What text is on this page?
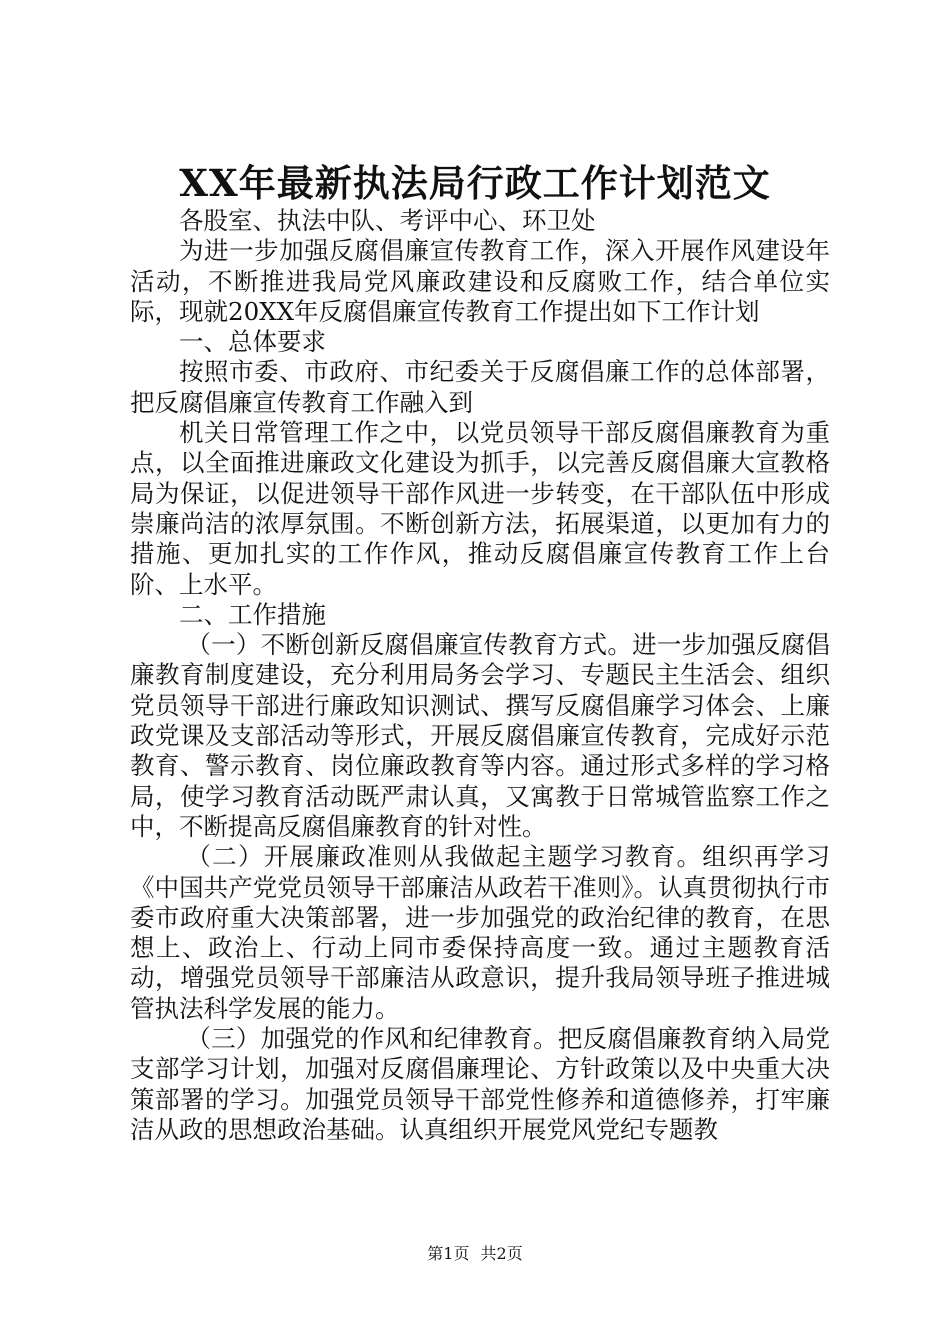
XX年最新执法局行政工作计划范文

各股室、执法中队、考评中心、环卫处

为进一步加强反腐倡廉宣传教育工作，深入开展作风建设年活动，不断推进我局党风廉政建设和反腐败工作，结合单位实际，现就20XX年反腐倡廉宣传教育工作提出如下工作计划

一、总体要求

按照市委、市政府、市纪委关于反腐倡廉工作的总体部署，把反腐倡廉宣传教育工作融入到

机关日常管理工作之中，以党员领导干部反腐倡廉教育为重点，以全面推进廉政文化建设为抓手，以完善反腐倡廉大宣教格局为保证，以促进领导干部作风进一步转变，在干部队伍中形成崇廉尚洁的浓厚氛围。不断创新方法，拓展渠道，以更加有力的措施、更加扎实的工作作风，推动反腐倡廉宣传教育工作上台阶、上水平。

二、工作措施

（一）不断创新反腐倡廉宣传教育方式。进一步加强反腐倡廉教育制度建设，充分利用局务会学习、专题民主生活会、组织党员领导干部进行廉政知识测试、撰写反腐倡廉学习体会、上廉政党课及支部活动等形式，开展反腐倡廉宣传教育，完成好示范教育、警示教育、岗位廉政教育等内容。通过形式多样的学习格局，使学习教育活动既严肃认真，又寓教于日常城管监察工作之中，不断提高反腐倡廉教育的针对性。

（二）开展廉政准则从我做起主题学习教育。组织再学习《中国共产党党员领导干部廉洁从政若干准则》。认真贯彻执行市委市政府重大决策部署，进一步加强党的政治纪律的教育，在思想上、政治上、行动上同市委保持高度一致。通过主题教育活动，增强党员领导干部廉洁从政意识，提升我局领导班子推进城管执法科学发展的能力。

（三）加强党的作风和纪律教育。把反腐倡廉教育纳入局党支部学习计划，加强对反腐倡廉理论、方针政策以及中央重大决策部署的学习。加强党员领导干部党性修养和道德修养，打牢廉洁从政的思想政治基础。认真组织开展党风党纪专题教

第1页 共2页
